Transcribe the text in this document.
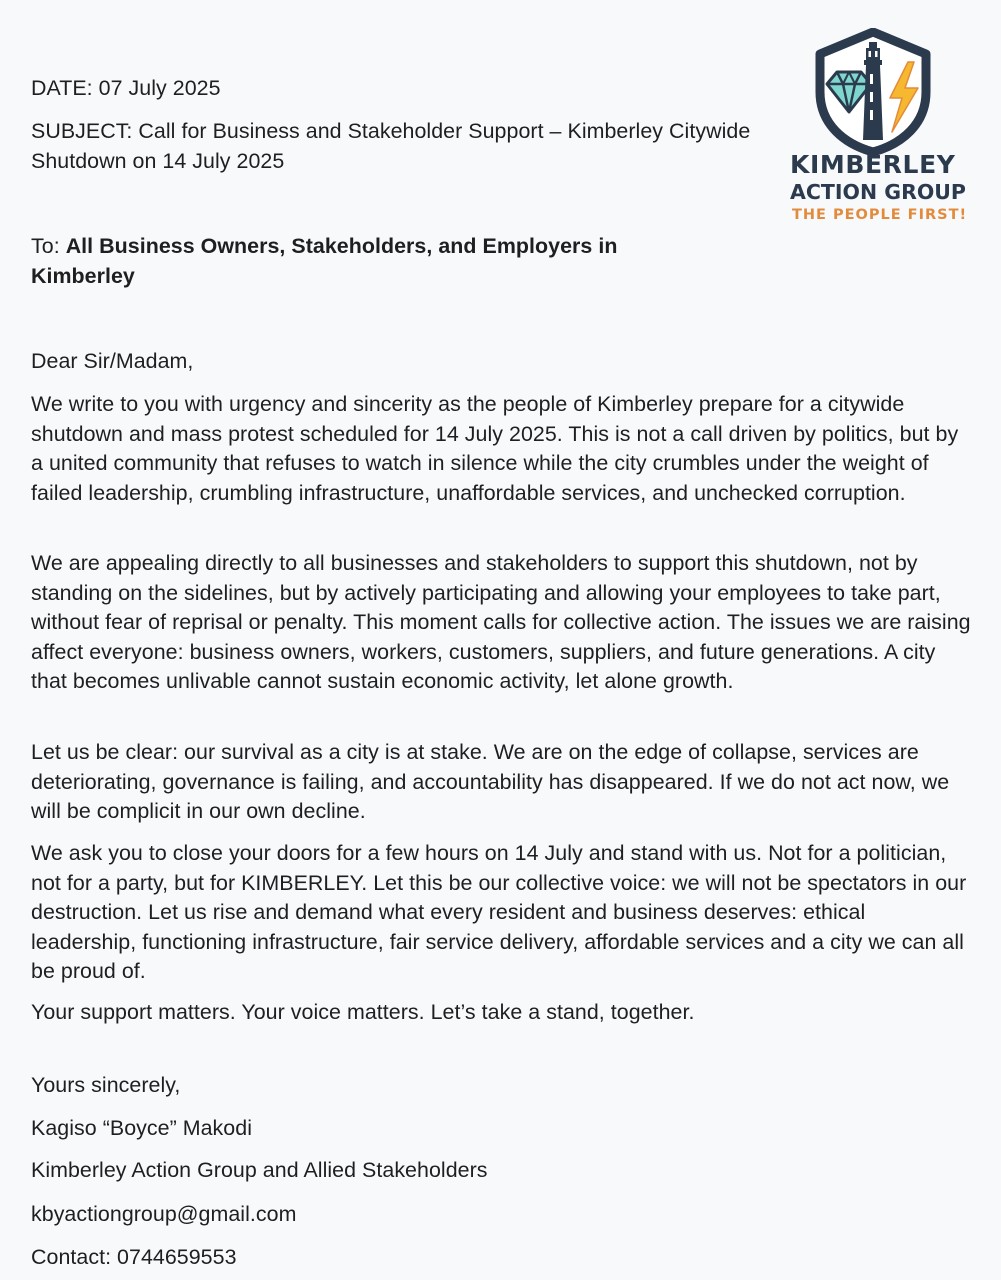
DATE: 07 July 2025
SUBJECT: Call for Business and Stakeholder Support – Kimberley Citywide Shutdown on 14 July 2025	KIMBERLEY
ACTION GROUP
THE PEOPLE FIRST!
To: All Business Owners, Stakeholders, and Employers in Kimberley
Dear Sir/Madam,
We write to you with urgency and sincerity as the people of Kimberley prepare for a citywide shutdown and mass protest scheduled for 14 July 2025. This is not a call driven by politics, but by a united community that refuses to watch in silence while the city crumbles under the weight of failed leadership, crumbling infrastructure, unaffordable services, and unchecked corruption.
We are appealing directly to all businesses and stakeholders to support this shutdown, not by standing on the sidelines, but by actively participating and allowing your employees to take part, without fear of reprisal or penalty. This moment calls for collective action. The issues we are raising affect everyone: business owners, workers, customers, suppliers, and future generations. A city that becomes unlivable cannot sustain economic activity, let alone growth.
Let us be clear: our survival as a city is at stake. We are on the edge of collapse, services are deteriorating, governance is failing, and accountability has disappeared. If we do not act now, we will be complicit in our own decline.
We ask you to close your doors for a few hours on 14 July and stand with us. Not for a politician, not for a party, but for KIMBERLEY. Let this be our collective voice: we will not be spectators in our destruction. Let us rise and demand what every resident and business deserves: ethical leadership, functioning infrastructure, fair service delivery, affordable services and a city we can all be proud of.
Your support matters. Your voice matters. Let’s take a stand, together.
Yours sincerely,
Kagiso “Boyce” Makodi
Kimberley Action Group and Allied Stakeholders
kbyactiongroup@gmail.com
Contact: 0744659553
